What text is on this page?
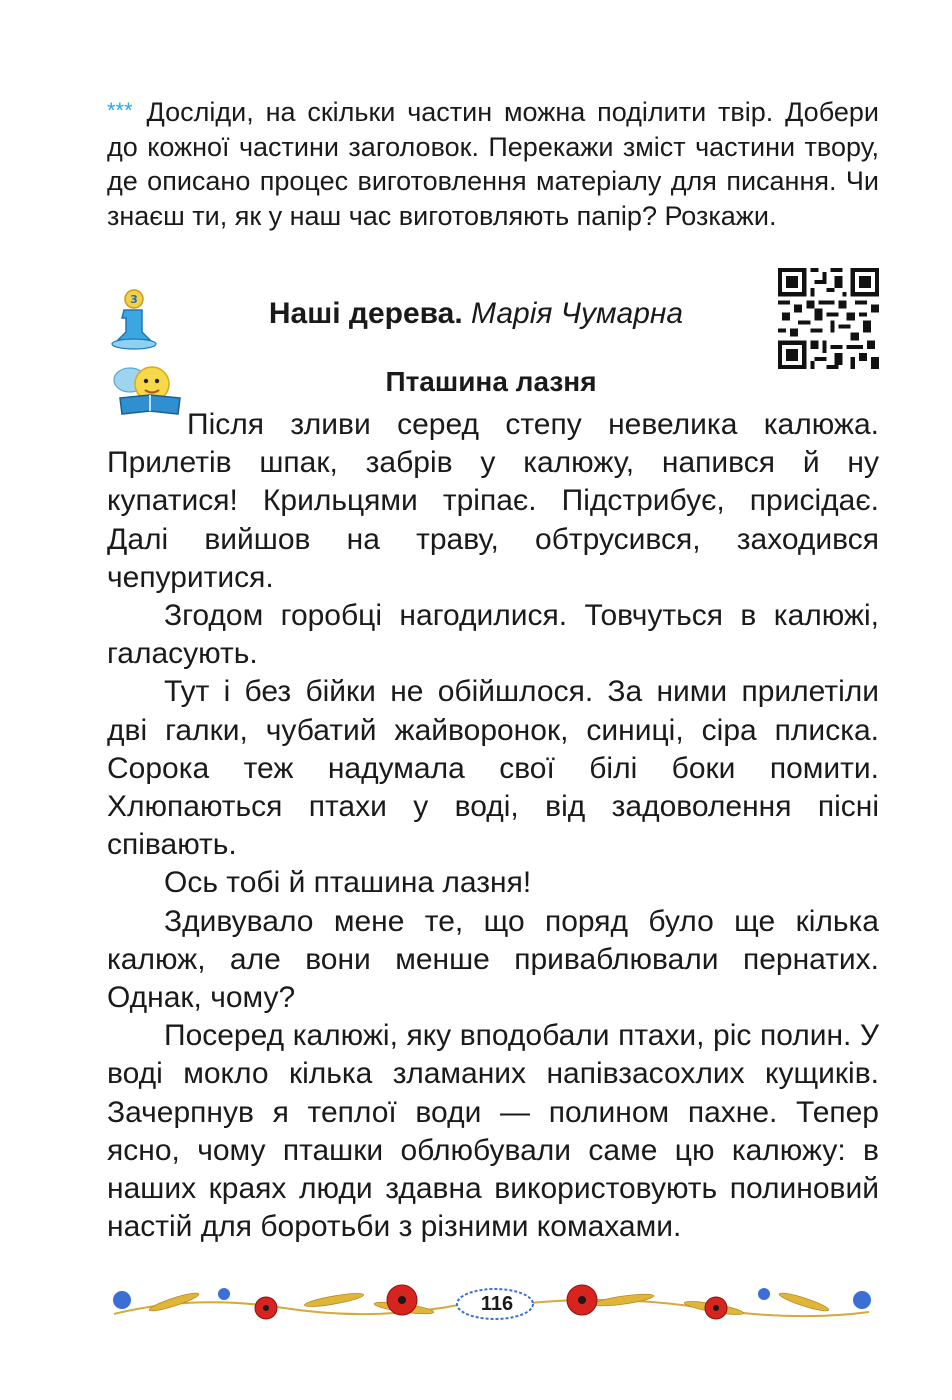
*** Досліди, на скільки частин можна поділити твір. Добери до кожної частини заголовок. Перекажи зміст частини твору, де описано процес виготовлення матеріалу для писання. Чи знаєш ти, як у наш час виготовляють папір? Розкажи.

3	Наші дерева. Марія Чумарна

Пташина лазня

Після зливи серед степу невелика калюжа. Прилетів шпак, забрів у калюжу, напився й ну купатися! Крильцями тріпає. Підстрибує, присідає. Далі вийшов на траву, обтрусився, заходився чепуритися.

Згодом горобці нагодилися. Товчуться в калюжі, галасують.

Тут і без бійки не обійшлося. За ними прилетіли дві галки, чубатий жайворонок, синиці, сіра плиска. Сорока теж надумала свої білі боки помити. Хлюпаються птахи у воді, від задоволення пісні співають.

Ось тобі й пташина лазня!

Здивувало мене те, що поряд було ще кілька калюж, але вони менше приваблювали пернатих. Однак, чому?

Посеред калюжі, яку вподобали птахи, ріс полин. У воді мокло кілька зламаних напівзасохлих кущиків. Зачерпнув я теплої води — полином пахне. Тепер ясно, чому пташки облюбували саме цю калюжу: в наших краях люди здавна використовують полиновий настій для боротьби з різними комахами.

116
